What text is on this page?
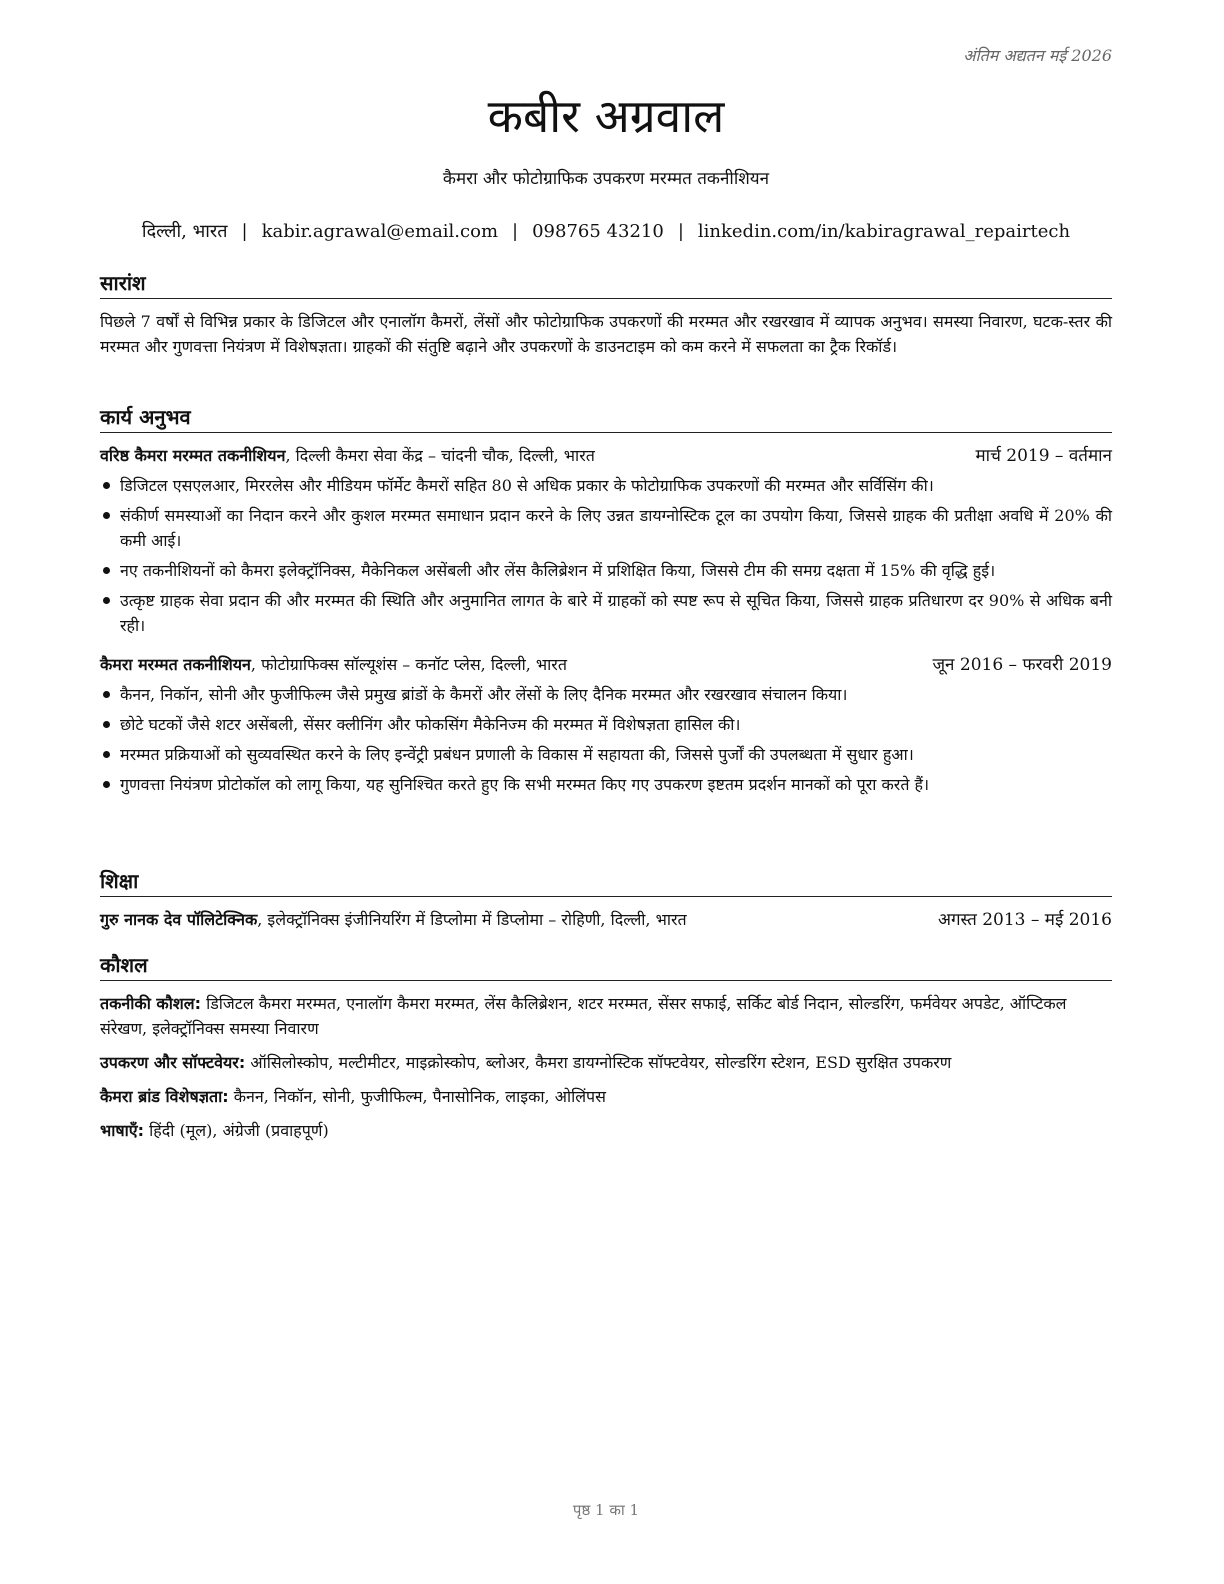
अंतिम अद्यतन मई 2026
कबीर अग्रवाल
कैमरा और फोटोग्राफिक उपकरण मरम्मत तकनीशियन
दिल्ली, भारत | kabir.agrawal@email.com | 098765 43210 | linkedin.com/in/kabiragrawal_repairtech
सारांश

पिछले 7 वर्षों से विभिन्न प्रकार के डिजिटल और एनालॉग कैमरों, लेंसों और फोटोग्राफिक उपकरणों की मरम्मत और रखरखाव में व्यापक अनुभव। समस्या निवारण, घटक-स्तर की मरम्मत और गुणवत्ता नियंत्रण में विशेषज्ञता। ग्राहकों की संतुष्टि बढ़ाने और उपकरणों के डाउनटाइम को कम करने में सफलता का ट्रैक रिकॉर्ड।

कार्य अनुभव
वरिष्ठ कैमरा मरम्मत तकनीशियन, दिल्ली कैमरा सेवा केंद्र – चांदनी चौक, दिल्ली, भारत	मार्च 2019 – वर्तमान
डिजिटल एसएलआर, मिररलेस और मीडियम फॉर्मेट कैमरों सहित 80 से अधिक प्रकार के फोटोग्राफिक उपकरणों की मरम्मत और सर्विसिंग की।
संकीर्ण समस्याओं का निदान करने और कुशल मरम्मत समाधान प्रदान करने के लिए उन्नत डायग्नोस्टिक टूल का उपयोग किया, जिससे ग्राहक की प्रतीक्षा अवधि में 20% की कमी आई।
नए तकनीशियनों को कैमरा इलेक्ट्रॉनिक्स, मैकेनिकल असेंबली और लेंस कैलिब्रेशन में प्रशिक्षित किया, जिससे टीम की समग्र दक्षता में 15% की वृद्धि हुई।
उत्कृष्ट ग्राहक सेवा प्रदान की और मरम्मत की स्थिति और अनुमानित लागत के बारे में ग्राहकों को स्पष्ट रूप से सूचित किया, जिससे ग्राहक प्रतिधारण दर 90% से अधिक बनी रही।
कैमरा मरम्मत तकनीशियन, फोटोग्राफिक्स सॉल्यूशंस – कनॉट प्लेस, दिल्ली, भारत	जून 2016 – फरवरी 2019
कैनन, निकॉन, सोनी और फुजीफिल्म जैसे प्रमुख ब्रांडों के कैमरों और लेंसों के लिए दैनिक मरम्मत और रखरखाव संचालन किया।
छोटे घटकों जैसे शटर असेंबली, सेंसर क्लीनिंग और फोकसिंग मैकेनिज्म की मरम्मत में विशेषज्ञता हासिल की।
मरम्मत प्रक्रियाओं को सुव्यवस्थित करने के लिए इन्वेंट्री प्रबंधन प्रणाली के विकास में सहायता की, जिससे पुर्जों की उपलब्धता में सुधार हुआ।
गुणवत्ता नियंत्रण प्रोटोकॉल को लागू किया, यह सुनिश्चित करते हुए कि सभी मरम्मत किए गए उपकरण इष्टतम प्रदर्शन मानकों को पूरा करते हैं।
शिक्षा
गुरु नानक देव पॉलिटेक्निक, इलेक्ट्रॉनिक्स इंजीनियरिंग में डिप्लोमा में डिप्लोमा – रोहिणी, दिल्ली, भारत	अगस्त 2013 – मई 2016
कौशल

तकनीकी कौशल: डिजिटल कैमरा मरम्मत, एनालॉग कैमरा मरम्मत, लेंस कैलिब्रेशन, शटर मरम्मत, सेंसर सफाई, सर्किट बोर्ड निदान, सोल्डरिंग, फर्मवेयर अपडेट, ऑप्टिकल संरेखण, इलेक्ट्रॉनिक्स समस्या निवारण

उपकरण और सॉफ्टवेयर: ऑसिलोस्कोप, मल्टीमीटर, माइक्रोस्कोप, ब्लोअर, कैमरा डायग्नोस्टिक सॉफ्टवेयर, सोल्डरिंग स्टेशन, ESD सुरक्षित उपकरण

कैमरा ब्रांड विशेषज्ञता: कैनन, निकॉन, सोनी, फुजीफिल्म, पैनासोनिक, लाइका, ओलिंपस

भाषाएँ: हिंदी (मूल), अंग्रेजी (प्रवाहपूर्ण)

पृष्ठ 1 का 1
